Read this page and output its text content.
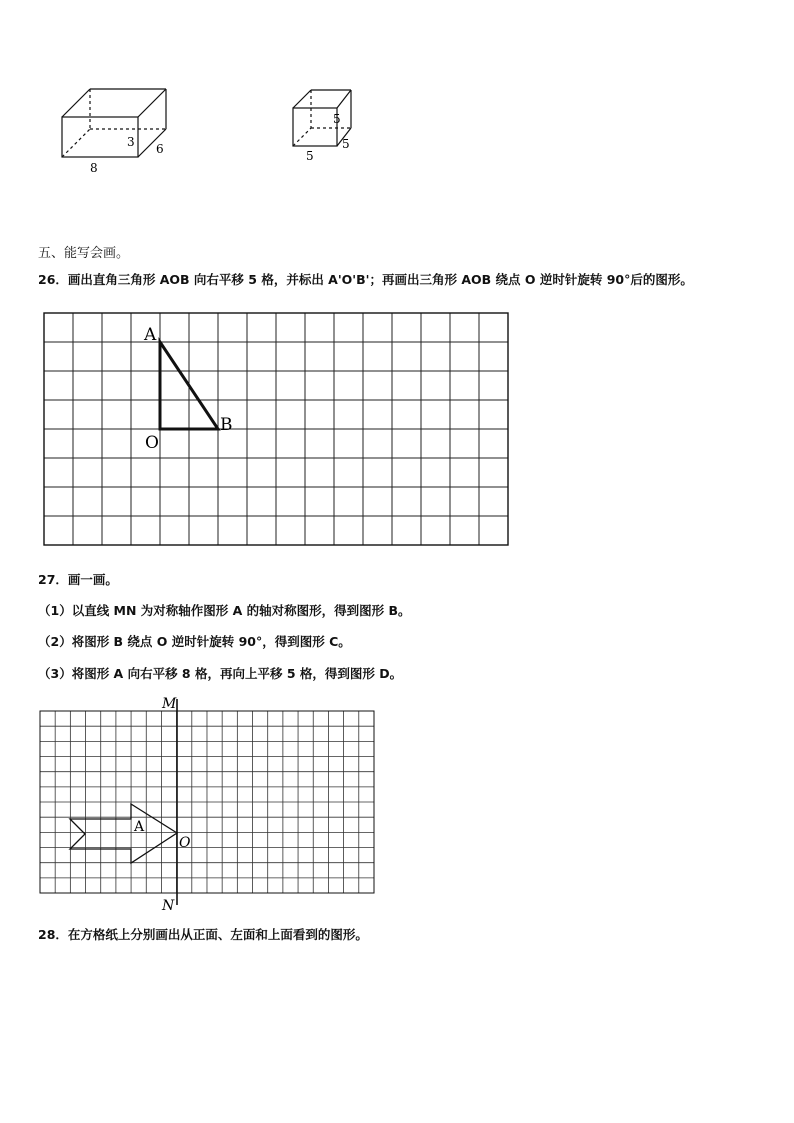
3 6
8
5
5
5
五、能写会画。
26．画出直角三角形 AOB 向右平移 5 格，并标出 A'O'B'；再画出三角形 AOB 绕点 O 逆时针旋转 90°后的图形。
A
O
B
27．画一画。
（1）以直线 MN 为对称轴作图形 A 的轴对称图形，得到图形 B。
（2）将图形 B 绕点 O 逆时针旋转 90°，得到图形 C。
（3）将图形 A 向右平移 8 格，再向上平移 5 格，得到图形 D。
M
N
O
A
28．在方格纸上分别画出从正面、左面和上面看到的图形。
